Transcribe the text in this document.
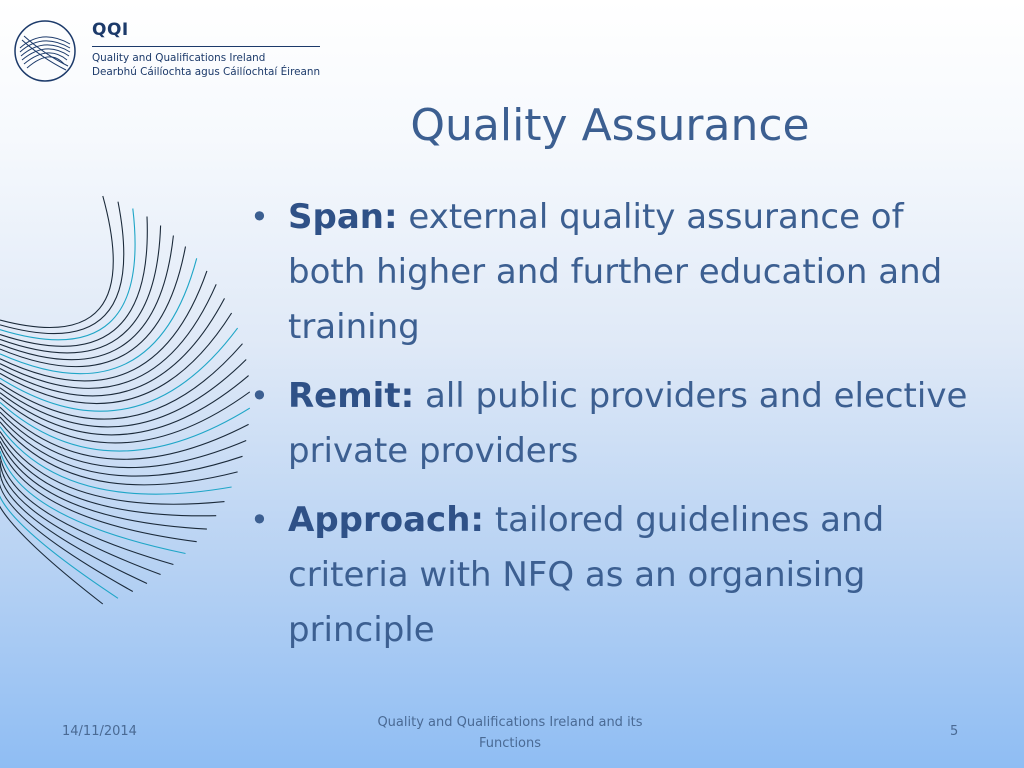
QQI
Quality and Qualifications Ireland
Dearbhú Cáilíochta agus Cáilíochtaí Éireann
Quality Assurance
• Span: external quality assurance of both higher and further education and training
• Remit: all public providers and elective private providers
• Approach: tailored guidelines and criteria with NFQ as an organising principle
14/11/2014
Quality and Qualifications Ireland and its Functions
5
